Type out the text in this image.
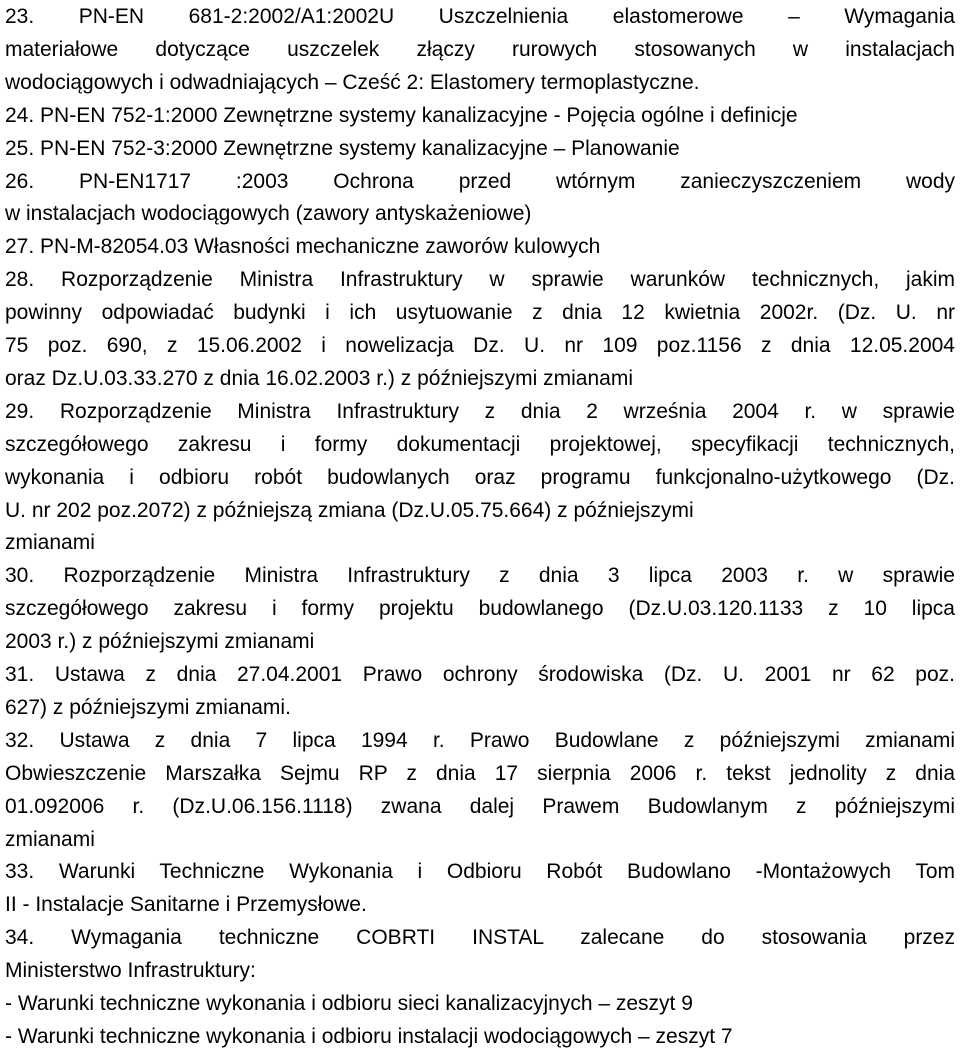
23. PN-EN 681-2:2002/A1:2002U Uszczelnienia elastomerowe – Wymagania
materiałowe dotyczące uszczelek złączy rurowych stosowanych w instalacjach
wodociągowych i odwadniających – Cześć 2: Elastomery termoplastyczne.
24. PN-EN 752-1:2000 Zewnętrzne systemy kanalizacyjne - Pojęcia ogólne i definicje
25. PN-EN 752-3:2000 Zewnętrzne systemy kanalizacyjne – Planowanie
26. PN-EN1717 :2003 Ochrona przed wtórnym zanieczyszczeniem wody
w instalacjach wodociągowych (zawory antyskażeniowe)
27. PN-M-82054.03 Własności mechaniczne zaworów kulowych
28. Rozporządzenie Ministra Infrastruktury w sprawie warunków technicznych, jakim
powinny odpowiadać budynki i ich usytuowanie z dnia 12 kwietnia 2002r. (Dz. U. nr
75 poz. 690, z 15.06.2002 i nowelizacja Dz. U. nr 109 poz.1156 z dnia 12.05.2004
oraz Dz.U.03.33.270 z dnia 16.02.2003 r.) z późniejszymi zmianami
29. Rozporządzenie Ministra Infrastruktury z dnia 2 września 2004 r. w sprawie
szczegółowego zakresu i formy dokumentacji projektowej, specyfikacji technicznych,
wykonania i odbioru robót budowlanych oraz programu funkcjonalno-użytkowego (Dz.
U. nr 202 poz.2072) z późniejszą zmiana (Dz.U.05.75.664) z późniejszymi
zmianami
30. Rozporządzenie Ministra Infrastruktury z dnia 3 lipca 2003 r. w sprawie
szczegółowego zakresu i formy projektu budowlanego (Dz.U.03.120.1133 z 10 lipca
2003 r.) z późniejszymi zmianami
31. Ustawa z dnia 27.04.2001 Prawo ochrony środowiska (Dz. U. 2001 nr 62 poz.
627) z późniejszymi zmianami.
32. Ustawa z dnia 7 lipca 1994 r. Prawo Budowlane z późniejszymi zmianami
Obwieszczenie Marszałka Sejmu RP z dnia 17 sierpnia 2006 r. tekst jednolity z dnia
01.092006 r. (Dz.U.06.156.1118) zwana dalej Prawem Budowlanym z późniejszymi
zmianami
33. Warunki Techniczne Wykonania i Odbioru Robót Budowlano -Montażowych Tom
II - Instalacje Sanitarne i Przemysłowe.
34. Wymagania techniczne COBRTI INSTAL zalecane do stosowania przez
Ministerstwo Infrastruktury:
- Warunki techniczne wykonania i odbioru sieci kanalizacyjnych – zeszyt 9
- Warunki techniczne wykonania i odbioru instalacji wodociągowych – zeszyt 7
